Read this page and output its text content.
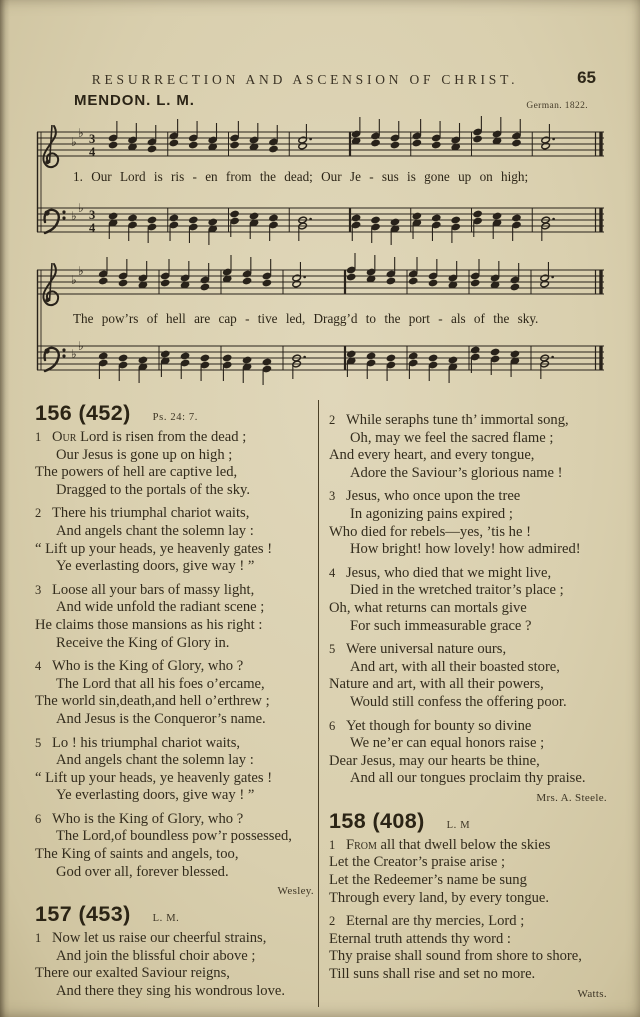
RESURRECTION AND ASCENSION OF CHRIST.	65
MENDON. L. M.	German. 1822.
♭
♭ 3
4
♭
♭ 3
4
♭
♭
♭
♭
1. Our Lord is ris - en from the dead; Our Je - sus is gone up on high;
The pow’rs of hell are cap - tive led, Dragg’d to the port - als of the sky.
156 (452) Ps. 24: 7.
1 Our Lord is risen from the dead ;
Our Jesus is gone up on high ;
The powers of hell are captive led,
Dragged to the portals of the sky.
2 There his triumphal chariot waits,
And angels chant the solemn lay :
“ Lift up your heads, ye heavenly gates !
Ye everlasting doors, give way ! ”
3 Loose all your bars of massy light,
And wide unfold the radiant scene ;
He claims those mansions as his right :
Receive the King of Glory in.
4 Who is the King of Glory, who ?
The Lord that all his foes o’ercame,
The world sin,death,and hell o’erthrew ;
And Jesus is the Conqueror’s name.
5 Lo ! his triumphal chariot waits,
And angels chant the solemn lay :
“ Lift up your heads, ye heavenly gates !
Ye everlasting doors, give way ! ”
6 Who is the King of Glory, who ?
The Lord,of boundless pow’r possessed,
The King of saints and angels, too,
God over all, forever blessed.
Wesley.
157 (453) L. M.
1 Now let us raise our cheerful strains,
And join the blissful choir above ;
There our exalted Saviour reigns,
And there they sing his wondrous love.
2 While seraphs tune th’ immortal song,
Oh, may we feel the sacred flame ;
And every heart, and every tongue,
Adore the Saviour’s glorious name !
3 Jesus, who once upon the tree
In agonizing pains expired ;
Who died for rebels—yes, ’tis he !
How bright! how lovely! how admired!
4 Jesus, who died that we might live,
Died in the wretched traitor’s place ;
Oh, what returns can mortals give
For such immeasurable grace ?
5 Were universal nature ours,
And art, with all their boasted store,
Nature and art, with all their powers,
Would still confess the offering poor.
6 Yet though for bounty so divine
We ne’er can equal honors raise ;
Dear Jesus, may our hearts be thine,
And all our tongues proclaim thy praise.
Mrs. A. Steele.
158 (408) L. M
1 From all that dwell below the skies
Let the Creator’s praise arise ;
Let the Redeemer’s name be sung
Through every land, by every tongue.
2 Eternal are thy mercies, Lord ;
Eternal truth attends thy word :
Thy praise shall sound from shore to shore,
Till suns shall rise and set no more.
Watts.
